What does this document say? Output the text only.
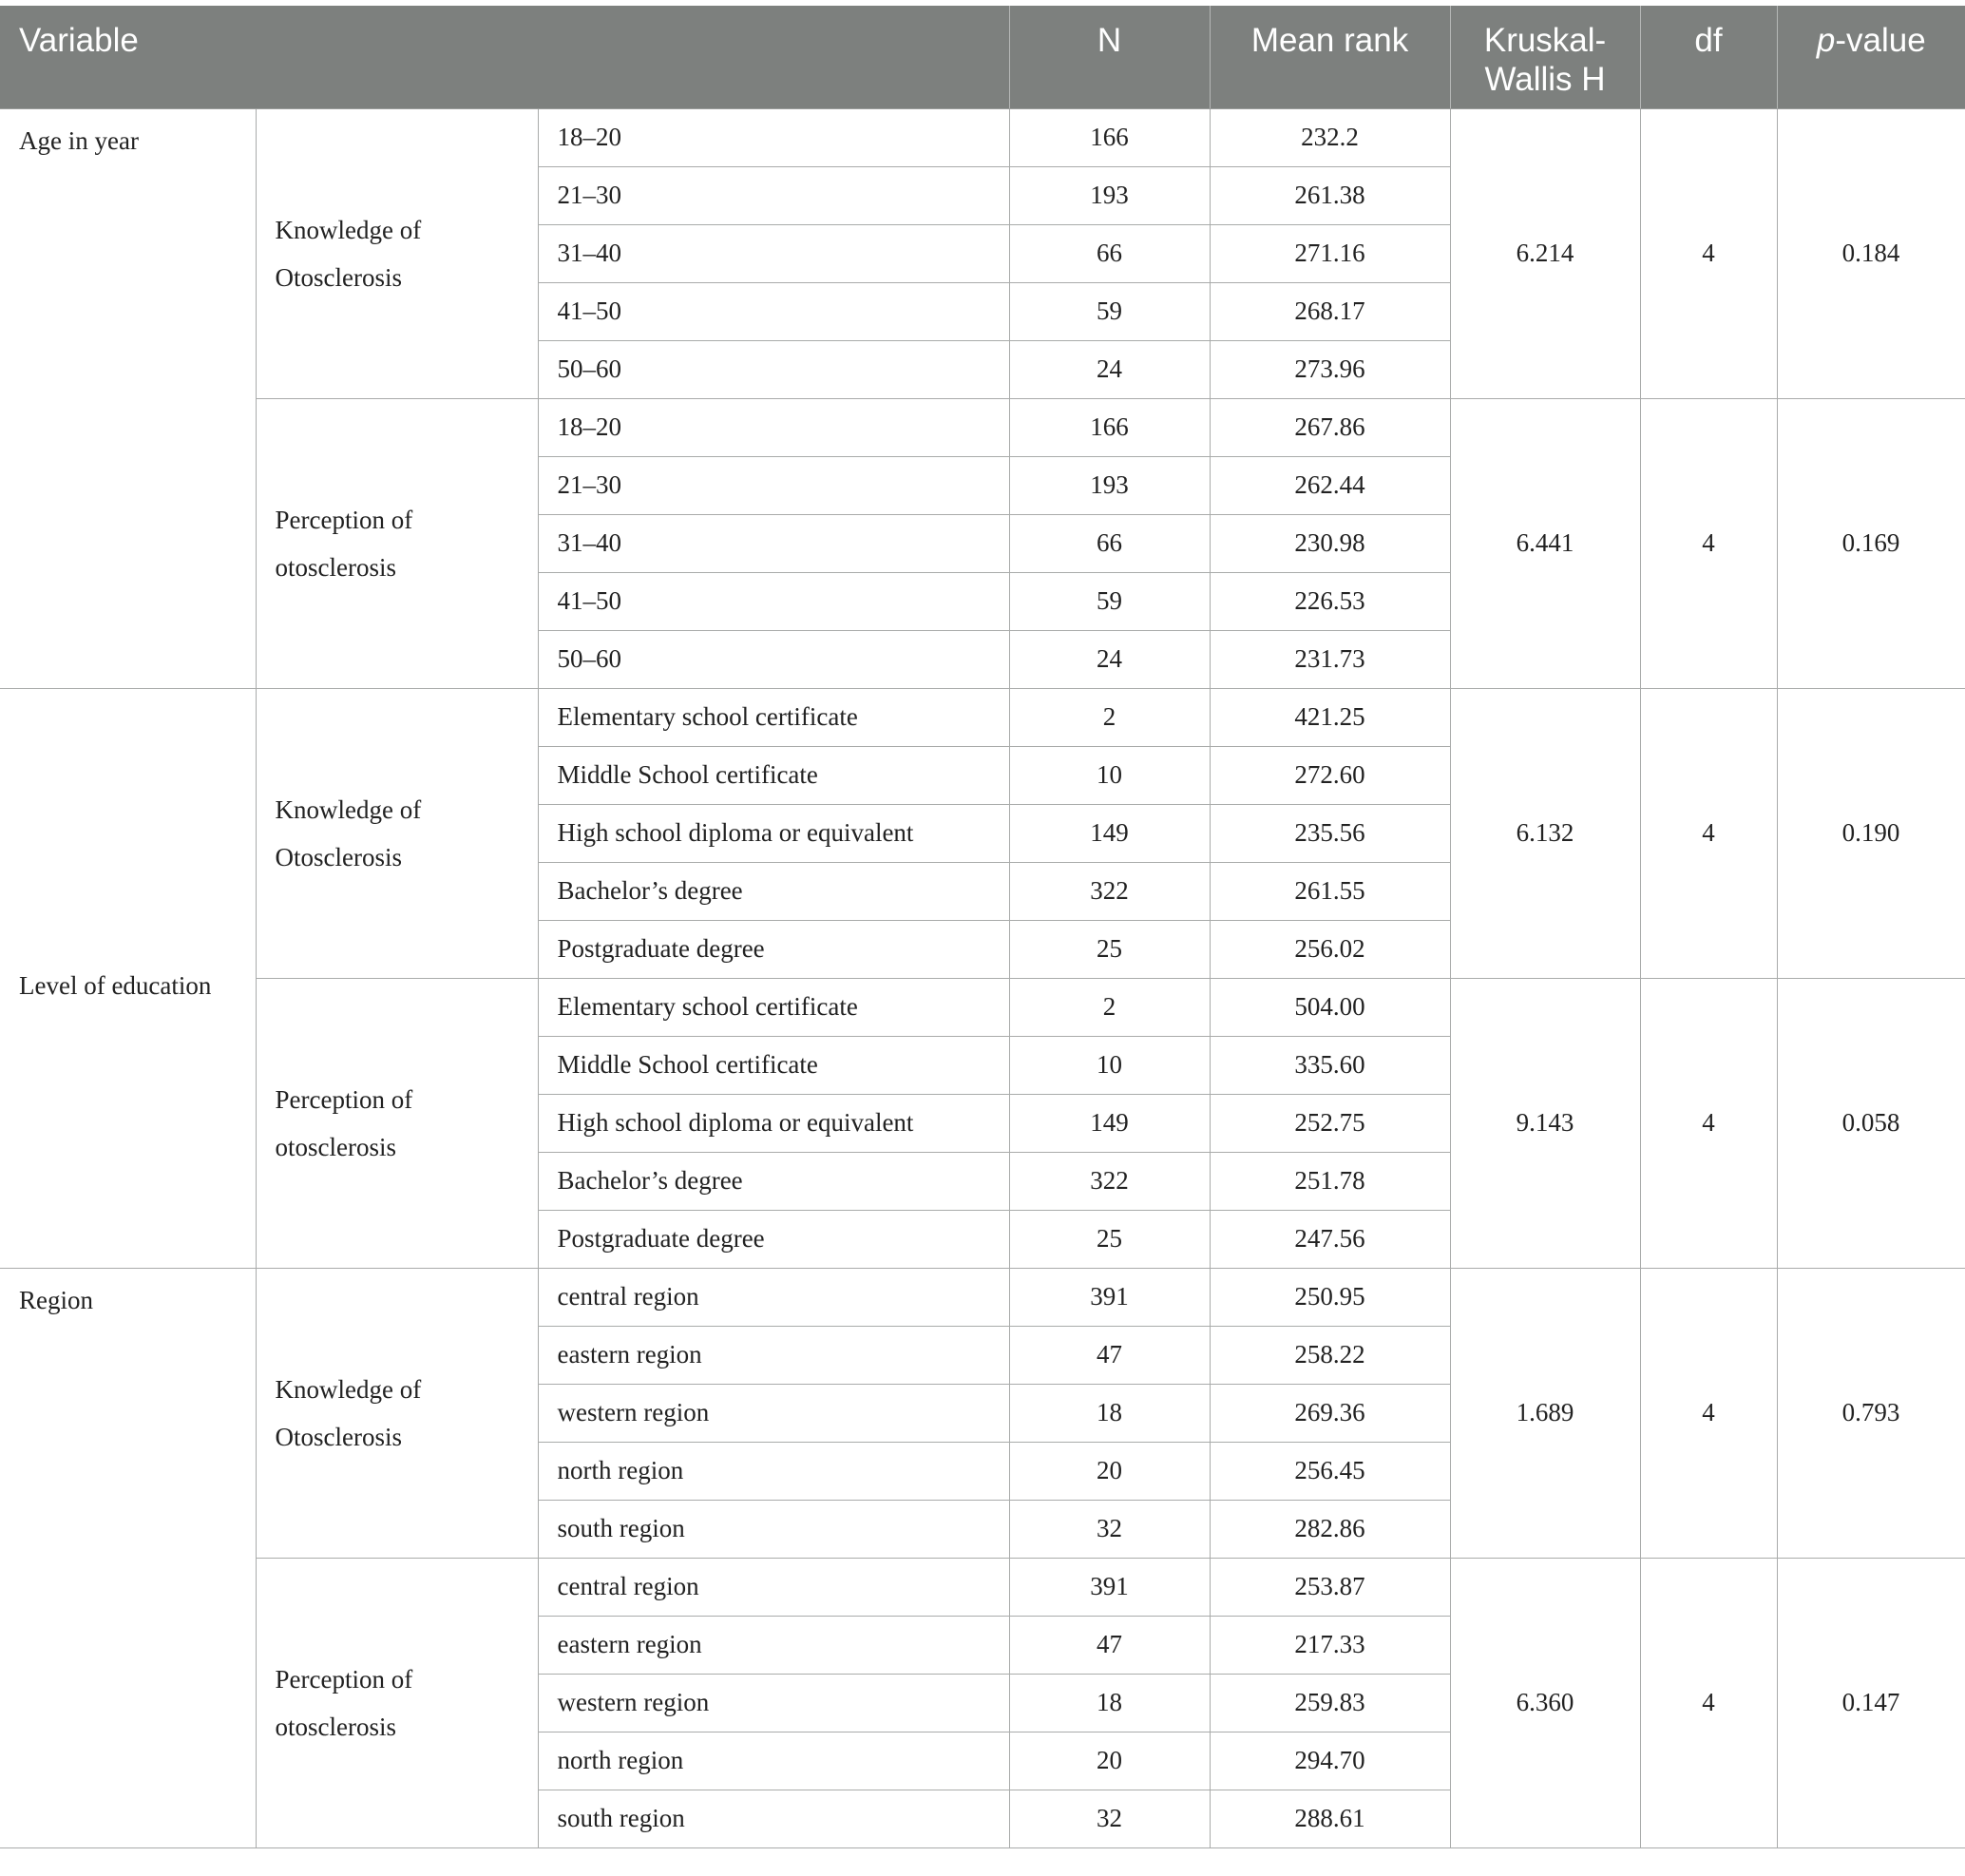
Variable			N	Mean rank	Kruskal-
Wallis H	df	p-value
Age in year	Knowledge of
Otosclerosis	18–20	166	232.2	6.214	4	0.184
		21–30	193	261.38			
		31–40	66	271.16			
		41–50	59	268.17			
		50–60	24	273.96			
	Perception of
otosclerosis	18–20	166	267.86	6.441	4	0.169
		21–30	193	262.44			
		31–40	66	230.98			
		41–50	59	226.53			
		50–60	24	231.73			
Level of education	Knowledge of
Otosclerosis	Elementary school certificate	2	421.25	6.132	4	0.190
		Middle School certificate	10	272.60			
		High school diploma or equivalent	149	235.56			
		Bachelor’s degree	322	261.55			
		Postgraduate degree	25	256.02			
	Perception of
otosclerosis	Elementary school certificate	2	504.00	9.143	4	0.058
		Middle School certificate	10	335.60			
		High school diploma or equivalent	149	252.75			
		Bachelor’s degree	322	251.78			
		Postgraduate degree	25	247.56			
Region	Knowledge of
Otosclerosis	central region	391	250.95	1.689	4	0.793
		eastern region	47	258.22			
		western region	18	269.36			
		north region	20	256.45			
		south region	32	282.86			
	Perception of
otosclerosis	central region	391	253.87	6.360	4	0.147
		eastern region	47	217.33			
		western region	18	259.83			
		north region	20	294.70			
		south region	32	288.61			
